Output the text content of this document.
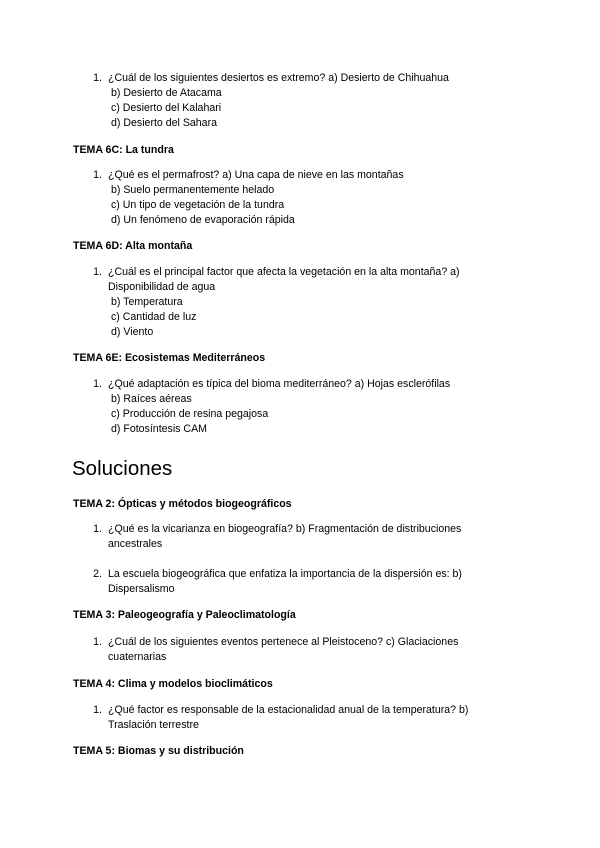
1. ¿Cuál de los siguientes desiertos es extremo? a) Desierto de Chihuahua
b) Desierto de Atacama
c) Desierto del Kalahari
d) Desierto del Sahara
TEMA 6C: La tundra
1. ¿Qué es el permafrost? a) Una capa de nieve en las montañas
b) Suelo permanentemente helado
c) Un tipo de vegetación de la tundra
d) Un fenómeno de evaporación rápida
TEMA 6D: Alta montaña
1. ¿Cuál es el principal factor que afecta la vegetación en la alta montaña? a) Disponibilidad de agua
b) Temperatura
c) Cantidad de luz
d) Viento
TEMA 6E: Ecosistemas Mediterráneos
1. ¿Qué adaptación es típica del bioma mediterráneo? a) Hojas esclerófilas
b) Raíces aéreas
c) Producción de resina pegajosa
d) Fotosíntesis CAM
Soluciones
TEMA 2: Ópticas y métodos biogeográficos
1. ¿Qué es la vicarianza en biogeografía? b) Fragmentación de distribuciones ancestrales
2. La escuela biogeográfica que enfatiza la importancia de la dispersión es: b) Dispersalismo
TEMA 3: Paleogeografía y Paleoclimatología
1. ¿Cuál de los siguientes eventos pertenece al Pleistoceno? c) Glaciaciones cuaternarias
TEMA 4: Clima y modelos bioclimáticos
1. ¿Qué factor es responsable de la estacionalidad anual de la temperatura? b) Traslación terrestre
TEMA 5: Biomas y su distribución
